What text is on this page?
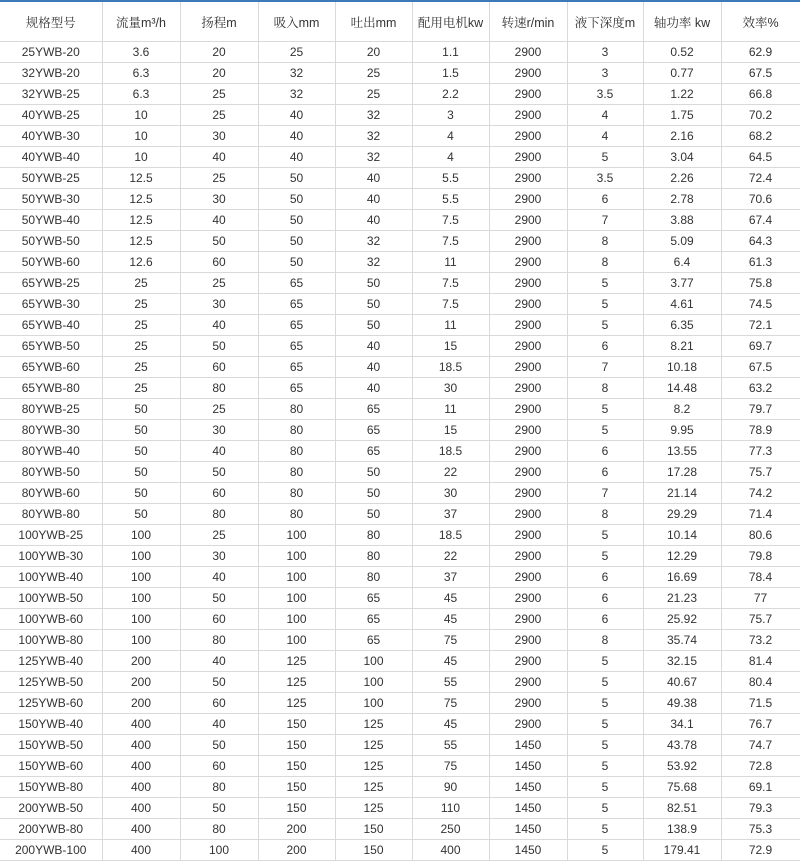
规格型号	流量m³/h	扬程m	吸入mm	吐出mm	配用电机kw	转速r/min	液下深度m	轴功率 kw	效率%
25YWB-20	3.6	20	25	20	1.1	2900	3	0.52	62.9
32YWB-20	6.3	20	32	25	1.5	2900	3	0.77	67.5
32YWB-25	6.3	25	32	25	2.2	2900	3.5	1.22	66.8
40YWB-25	10	25	40	32	3	2900	4	1.75	70.2
40YWB-30	10	30	40	32	4	2900	4	2.16	68.2
40YWB-40	10	40	40	32	4	2900	5	3.04	64.5
50YWB-25	12.5	25	50	40	5.5	2900	3.5	2.26	72.4
50YWB-30	12.5	30	50	40	5.5	2900	6	2.78	70.6
50YWB-40	12.5	40	50	40	7.5	2900	7	3.88	67.4
50YWB-50	12.5	50	50	32	7.5	2900	8	5.09	64.3
50YWB-60	12.6	60	50	32	11	2900	8	6.4	61.3
65YWB-25	25	25	65	50	7.5	2900	5	3.77	75.8
65YWB-30	25	30	65	50	7.5	2900	5	4.61	74.5
65YWB-40	25	40	65	50	11	2900	5	6.35	72.1
65YWB-50	25	50	65	40	15	2900	6	8.21	69.7
65YWB-60	25	60	65	40	18.5	2900	7	10.18	67.5
65YWB-80	25	80	65	40	30	2900	8	14.48	63.2
80YWB-25	50	25	80	65	11	2900	5	8.2	79.7
80YWB-30	50	30	80	65	15	2900	5	9.95	78.9
80YWB-40	50	40	80	65	18.5	2900	6	13.55	77.3
80YWB-50	50	50	80	50	22	2900	6	17.28	75.7
80YWB-60	50	60	80	50	30	2900	7	21.14	74.2
80YWB-80	50	80	80	50	37	2900	8	29.29	71.4
100YWB-25	100	25	100	80	18.5	2900	5	10.14	80.6
100YWB-30	100	30	100	80	22	2900	5	12.29	79.8
100YWB-40	100	40	100	80	37	2900	6	16.69	78.4
100YWB-50	100	50	100	65	45	2900	6	21.23	77
100YWB-60	100	60	100	65	45	2900	6	25.92	75.7
100YWB-80	100	80	100	65	75	2900	8	35.74	73.2
125YWB-40	200	40	125	100	45	2900	5	32.15	81.4
125YWB-50	200	50	125	100	55	2900	5	40.67	80.4
125YWB-60	200	60	125	100	75	2900	5	49.38	71.5
150YWB-40	400	40	150	125	45	2900	5	34.1	76.7
150YWB-50	400	50	150	125	55	1450	5	43.78	74.7
150YWB-60	400	60	150	125	75	1450	5	53.92	72.8
150YWB-80	400	80	150	125	90	1450	5	75.68	69.1
200YWB-50	400	50	150	125	110	1450	5	82.51	79.3
200YWB-80	400	80	200	150	250	1450	5	138.9	75.3
200YWB-100	400	100	200	150	400	1450	5	179.41	72.9
